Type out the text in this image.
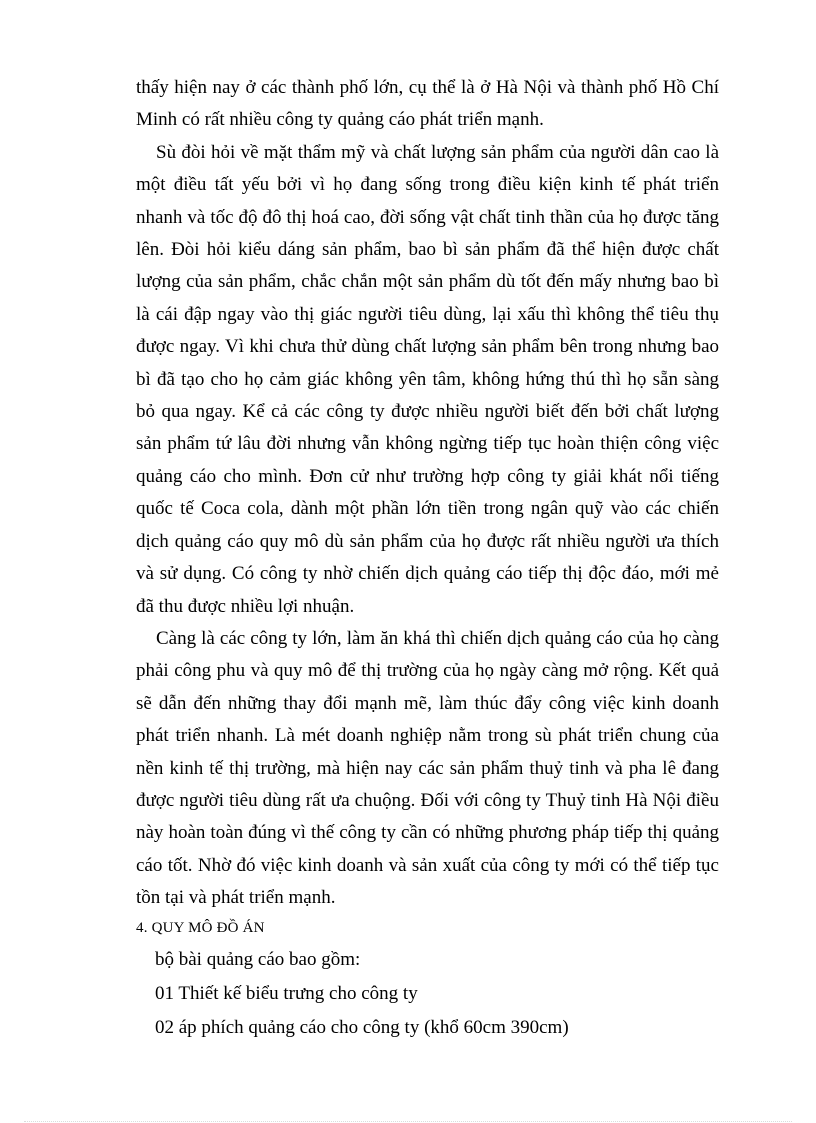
thấy hiện nay ở các thành phố lớn, cụ thể là ở Hà Nội và thành phố Hồ Chí Minh có rất nhiều công ty quảng cáo phát triển mạnh.

Sù đòi hỏi về mặt thẩm mỹ và chất lượng sản phẩm của người dân cao là một điều tất yếu bởi vì họ đang sống trong điều kiện kinh tế phát triển nhanh và tốc độ đô thị hoá cao, đời sống vật chất tinh thần của họ được tăng lên. Đòi hỏi kiểu dáng sản phẩm, bao bì sản phẩm đã thể hiện được chất lượng của sản phẩm, chắc chắn một sản phẩm dù tốt đến mấy nhưng bao bì là cái đập ngay vào thị giác người tiêu dùng, lại xấu thì không thể tiêu thụ được ngay. Vì khi chưa thử dùng chất lượng sản phẩm bên trong nhưng bao bì đã tạo cho họ cảm giác không yên tâm, không hứng thú thì họ sẵn sàng bỏ qua ngay. Kể cả các công ty được nhiều người biết đến bởi chất lượng sản phẩm tứ lâu đời nhưng vẫn không ngừng tiếp tục hoàn thiện công việc quảng cáo cho mình. Đơn cử như trường hợp công ty giải khát nổi tiếng quốc tế Coca cola, dành một phần lớn tiền trong ngân quỹ vào các chiến dịch quảng cáo quy mô dù sản phẩm của họ được rất nhiều người ưa thích và sử dụng. Có công ty nhờ chiến dịch quảng cáo tiếp thị độc đáo, mới mẻ đã thu được nhiều lợi nhuận.

Càng là các công ty lớn, làm ăn khá thì chiến dịch quảng cáo của họ càng phải công phu và quy mô để thị trường của họ ngày càng mở rộng. Kết quả sẽ dẫn đến những thay đổi mạnh mẽ, làm thúc đẩy công việc kinh doanh phát triển nhanh. Là mét doanh nghiệp nằm trong sù phát triển chung của nền kinh tế thị trường, mà hiện nay các sản phẩm thuỷ tinh và pha lê đang được người tiêu dùng rất ưa chuộng. Đối với công ty Thuỷ tinh Hà Nội điều này hoàn toàn đúng vì thế công ty cần có những phương pháp tiếp thị quảng cáo tốt. Nhờ đó việc kinh doanh và sản xuất của công ty mới có thể tiếp tục tồn tại và phát triển mạnh.

4. QUY MÔ ĐỒ ÁN

bộ bài quảng cáo bao gồm:

01 Thiết kế biểu trưng cho công ty

02 áp phích quảng cáo cho công ty (khổ 60cm 390cm)
